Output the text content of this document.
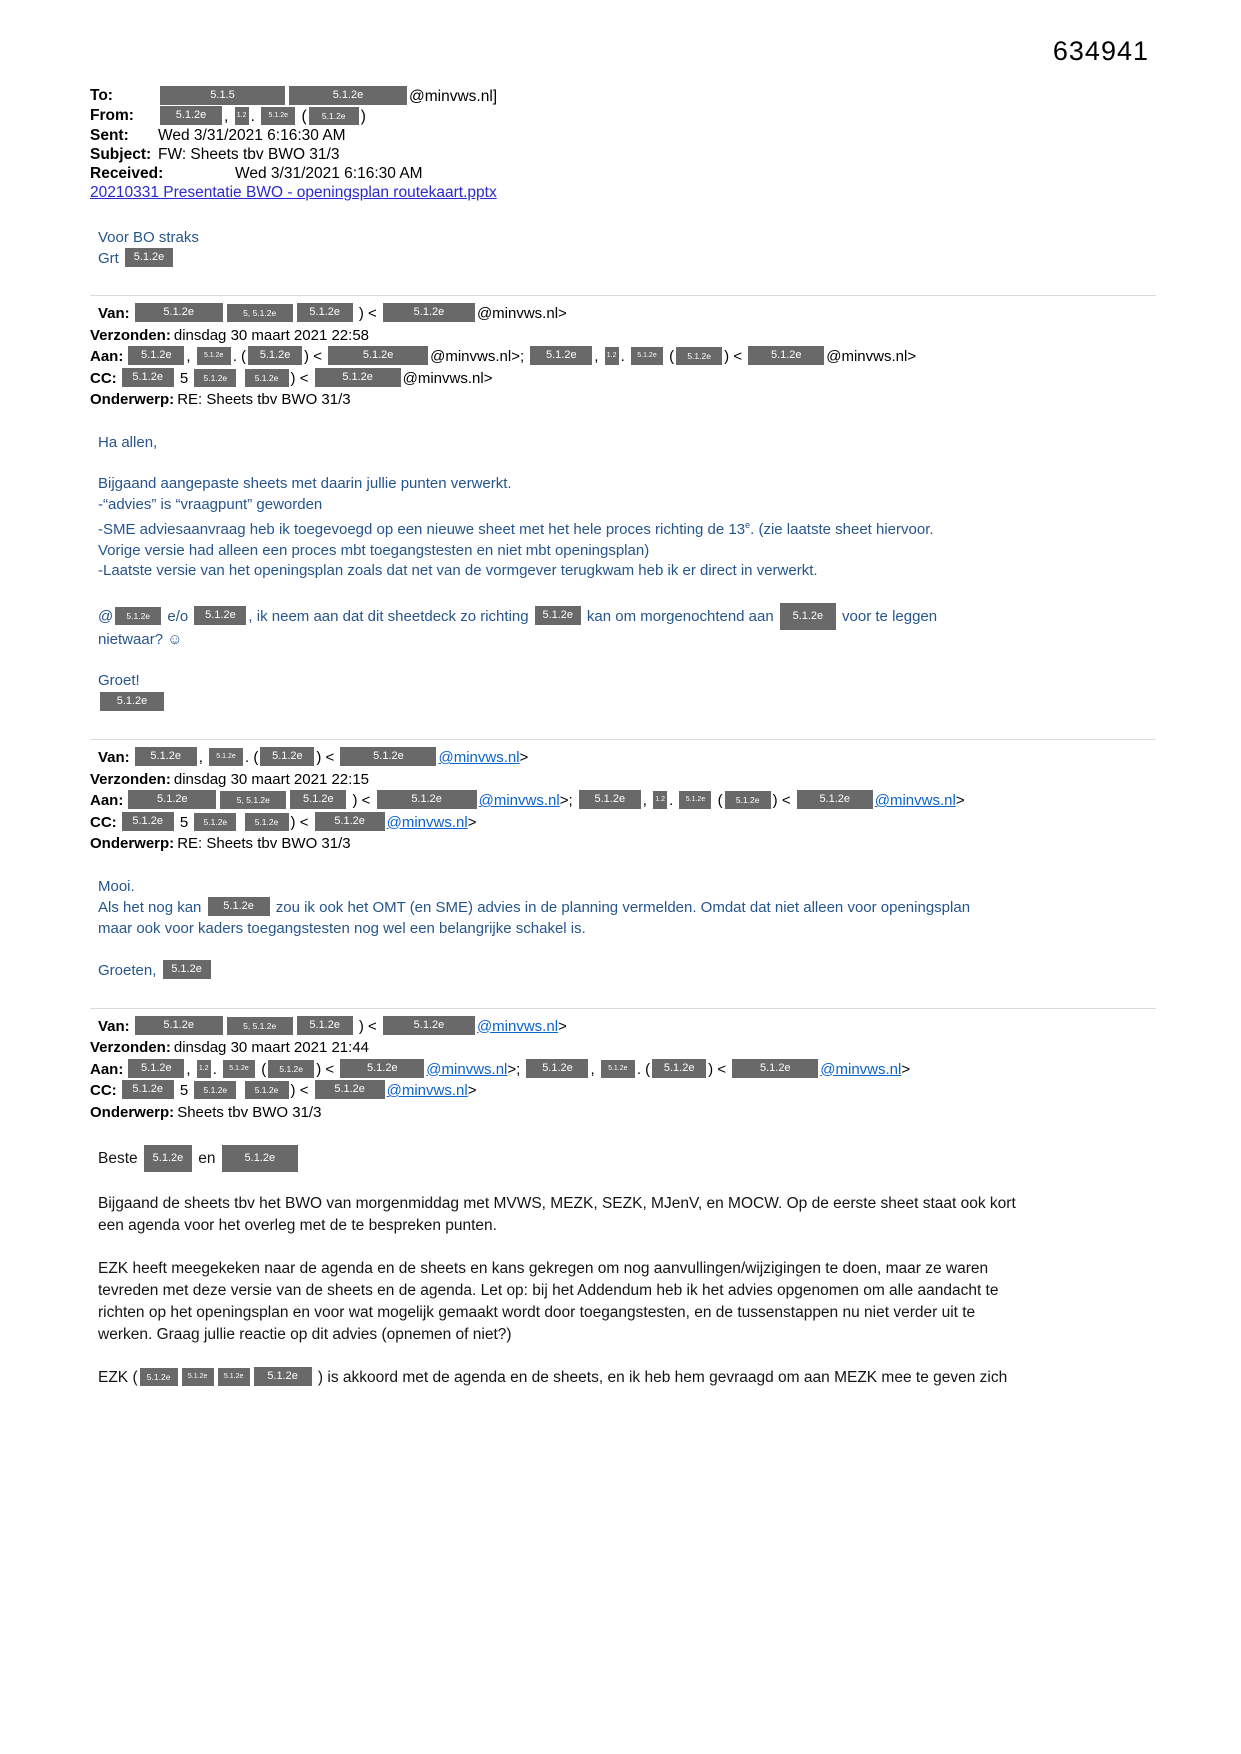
634941
To:	5.1.5	5.1.2e	@minvws.nl]
From:	5.1.2e , 1.2 . 5.1.2e ( 5.1.2e )
Sent:	Wed 3/31/2021 6:16:30 AM
Subject: FW: Sheets tbv BWO 31/3
Received:	Wed 3/31/2021 6:16:30 AM
20210331 Presentatie BWO - openingsplan routekaart.pptx
Voor BO straks
Grt 5.1.2e
Van:	5.1.2e	5, 5.1.2e	5.1.2e ) <	5.1.2e @minvws.nl>
Verzonden: dinsdag 30 maart 2021 22:58
Aan: 5.1.2e , 5.1.2e . ( 5.1.2e ) <	5.1.2e @minvws.nl>; 5.1.2e , 1.2 . 5.1.2e ( 5.1.2e ) < 5.1.2e @minvws.nl>
CC: 5.1.2e 5 5.1.2e	5.1.2e ) <	5.1.2e @minvws.nl>
Onderwerp: RE: Sheets tbv BWO 31/3

Ha allen,

Bijgaand aangepaste sheets met daarin jullie punten verwerkt.
-“advies” is “vraagpunt” geworden
-SME adviesaanvraag heb ik toegevoegd op een nieuwe sheet met het hele proces richting de 13e. (zie laatste sheet hiervoor.
Vorige versie had alleen een proces mbt toegangstesten en niet mbt openingsplan)
-Laatste versie van het openingsplan zoals dat net van de vormgever terugkwam heb ik er direct in verwerkt.

@ 5.1.2e e/o 5.1.2e , ik neem aan dat dit sheetdeck zo richting 5.1.2e kan om morgenochtend aan 5.1.2e voor te leggen
nietwaar? ☺

Groet!
5.1.2e

Van: 5.1.2e , 5.1.2e . ( 5.1.2e ) <	5.1.2e @minvws.nl>
Verzonden: dinsdag 30 maart 2021 22:15
Aan:	5.1.2e	5, 5.1.2e	5.1.2e ) <	5.1.2e @minvws.nl>; 5.1.2e , 1.2 . 5.1.2e ( 5.1.2e ) < 5.1.2e @minvws.nl>
CC: 5.1.2e 5 5.1.2e	5.1.2e ) < 5.1.2e @minvws.nl>
Onderwerp: RE: Sheets tbv BWO 31/3

Mooi.
Als het nog kan 5.1.2e zou ik ook het OMT (en SME) advies in de planning vermelden. Omdat dat niet alleen voor openingsplan
maar ook voor kaders toegangstesten nog wel een belangrijke schakel is.

Groeten, 5.1.2e

Van:	5.1.2e	5, 5.1.2e	5.1.2e ) <	5.1.2e @minvws.nl>
Verzonden: dinsdag 30 maart 2021 21:44
Aan: 5.1.2e , 1.2 . 5.1.2e ( 5.1.2e ) <	5.1.2e @minvws.nl>; 5.1.2e , 5.1.2e . ( 5.1.2e ) <	5.1.2e @minvws.nl>
CC: 5.1.2e 5 5.1.2e	5.1.2e ) < 5.1.2e @minvws.nl>
Onderwerp: Sheets tbv BWO 31/3

Beste 5.1.2e en 5.1.2e

Bijgaand de sheets tbv het BWO van morgenmiddag met MVWS, MEZK, SEZK, MJenV, en MOCW. Op de eerste sheet staat ook kort
een agenda voor het overleg met de te bespreken punten.

EZK heeft meegekeken naar de agenda en de sheets en kans gekregen om nog aanvullingen/wijzigingen te doen, maar ze waren
tevreden met deze versie van de sheets en de agenda. Let op: bij het Addendum heb ik het advies opgenomen om alle aandacht te
richten op het openingsplan en voor wat mogelijk gemaakt wordt door toegangstesten, en de tussenstappen nu niet verder uit te
werken. Graag jullie reactie op dit advies (opnemen of niet?)

EZK ( 5.1.2e 5.1.2e 5.1.2e 5.1.2e ) is akkoord met de agenda en de sheets, en ik heb hem gevraagd om aan MEZK mee te geven zich
